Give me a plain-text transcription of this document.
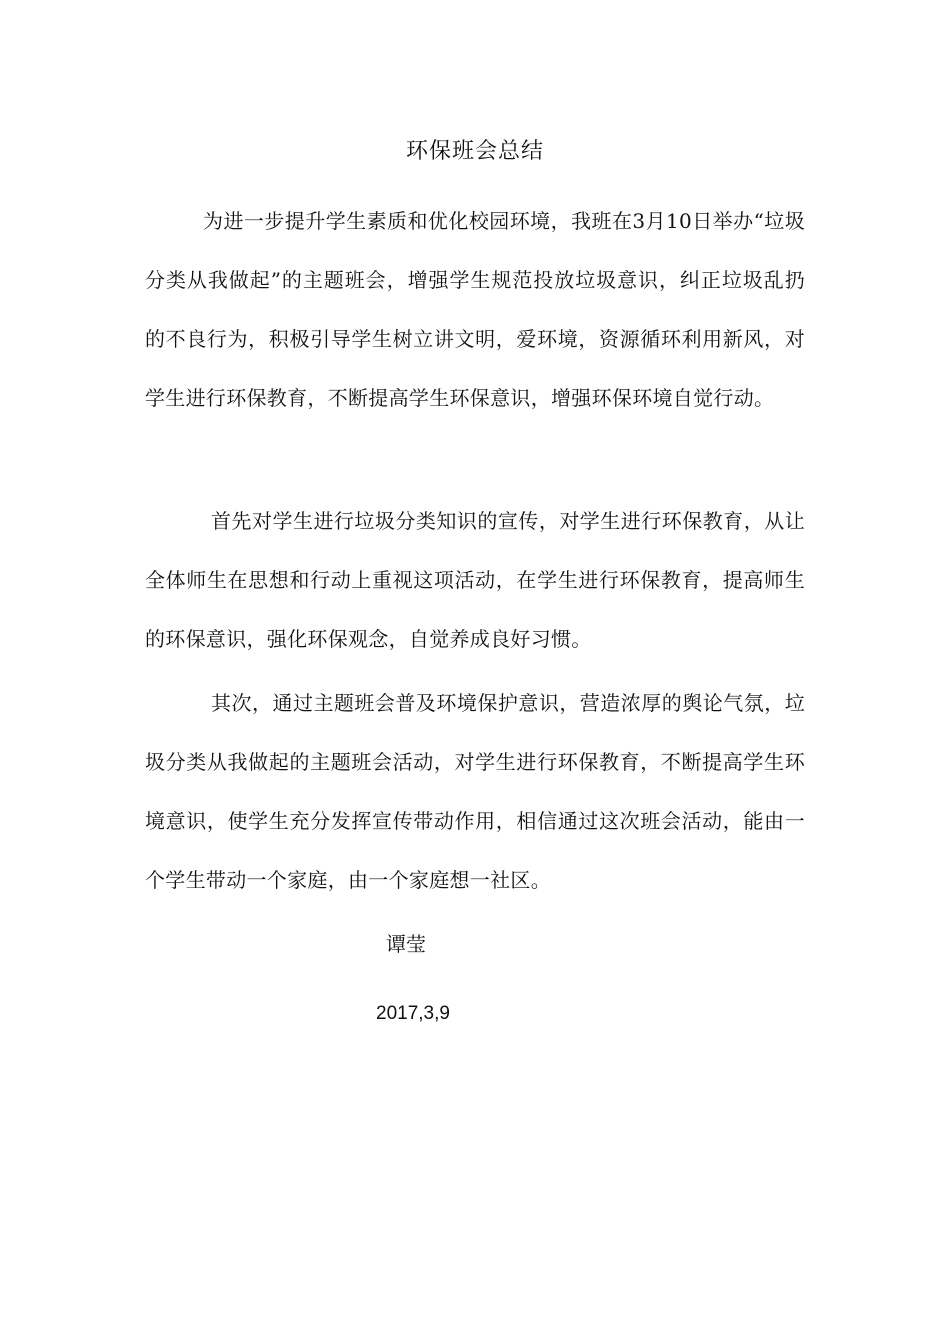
环保班会总结

为进一步提升学生素质和优化校园环境，我班在3月10日举办“垃圾分类从我做起”的主题班会，增强学生规范投放垃圾意识，纠正垃圾乱扔的不良行为，积极引导学生树立讲文明，爱环境，资源循环利用新风，对学生进行环保教育，不断提高学生环保意识，增强环保环境自觉行动。

首先对学生进行垃圾分类知识的宣传，对学生进行环保教育，从让全体师生在思想和行动上重视这项活动，在学生进行环保教育，提高师生的环保意识，强化环保观念，自觉养成良好习惯。

其次，通过主题班会普及环境保护意识，营造浓厚的舆论气氛，垃圾分类从我做起的主题班会活动，对学生进行环保教育，不断提高学生环境意识，使学生充分发挥宣传带动作用，相信通过这次班会活动，能由一个学生带动一个家庭，由一个家庭想一社区。

谭莹
2017,3,9
